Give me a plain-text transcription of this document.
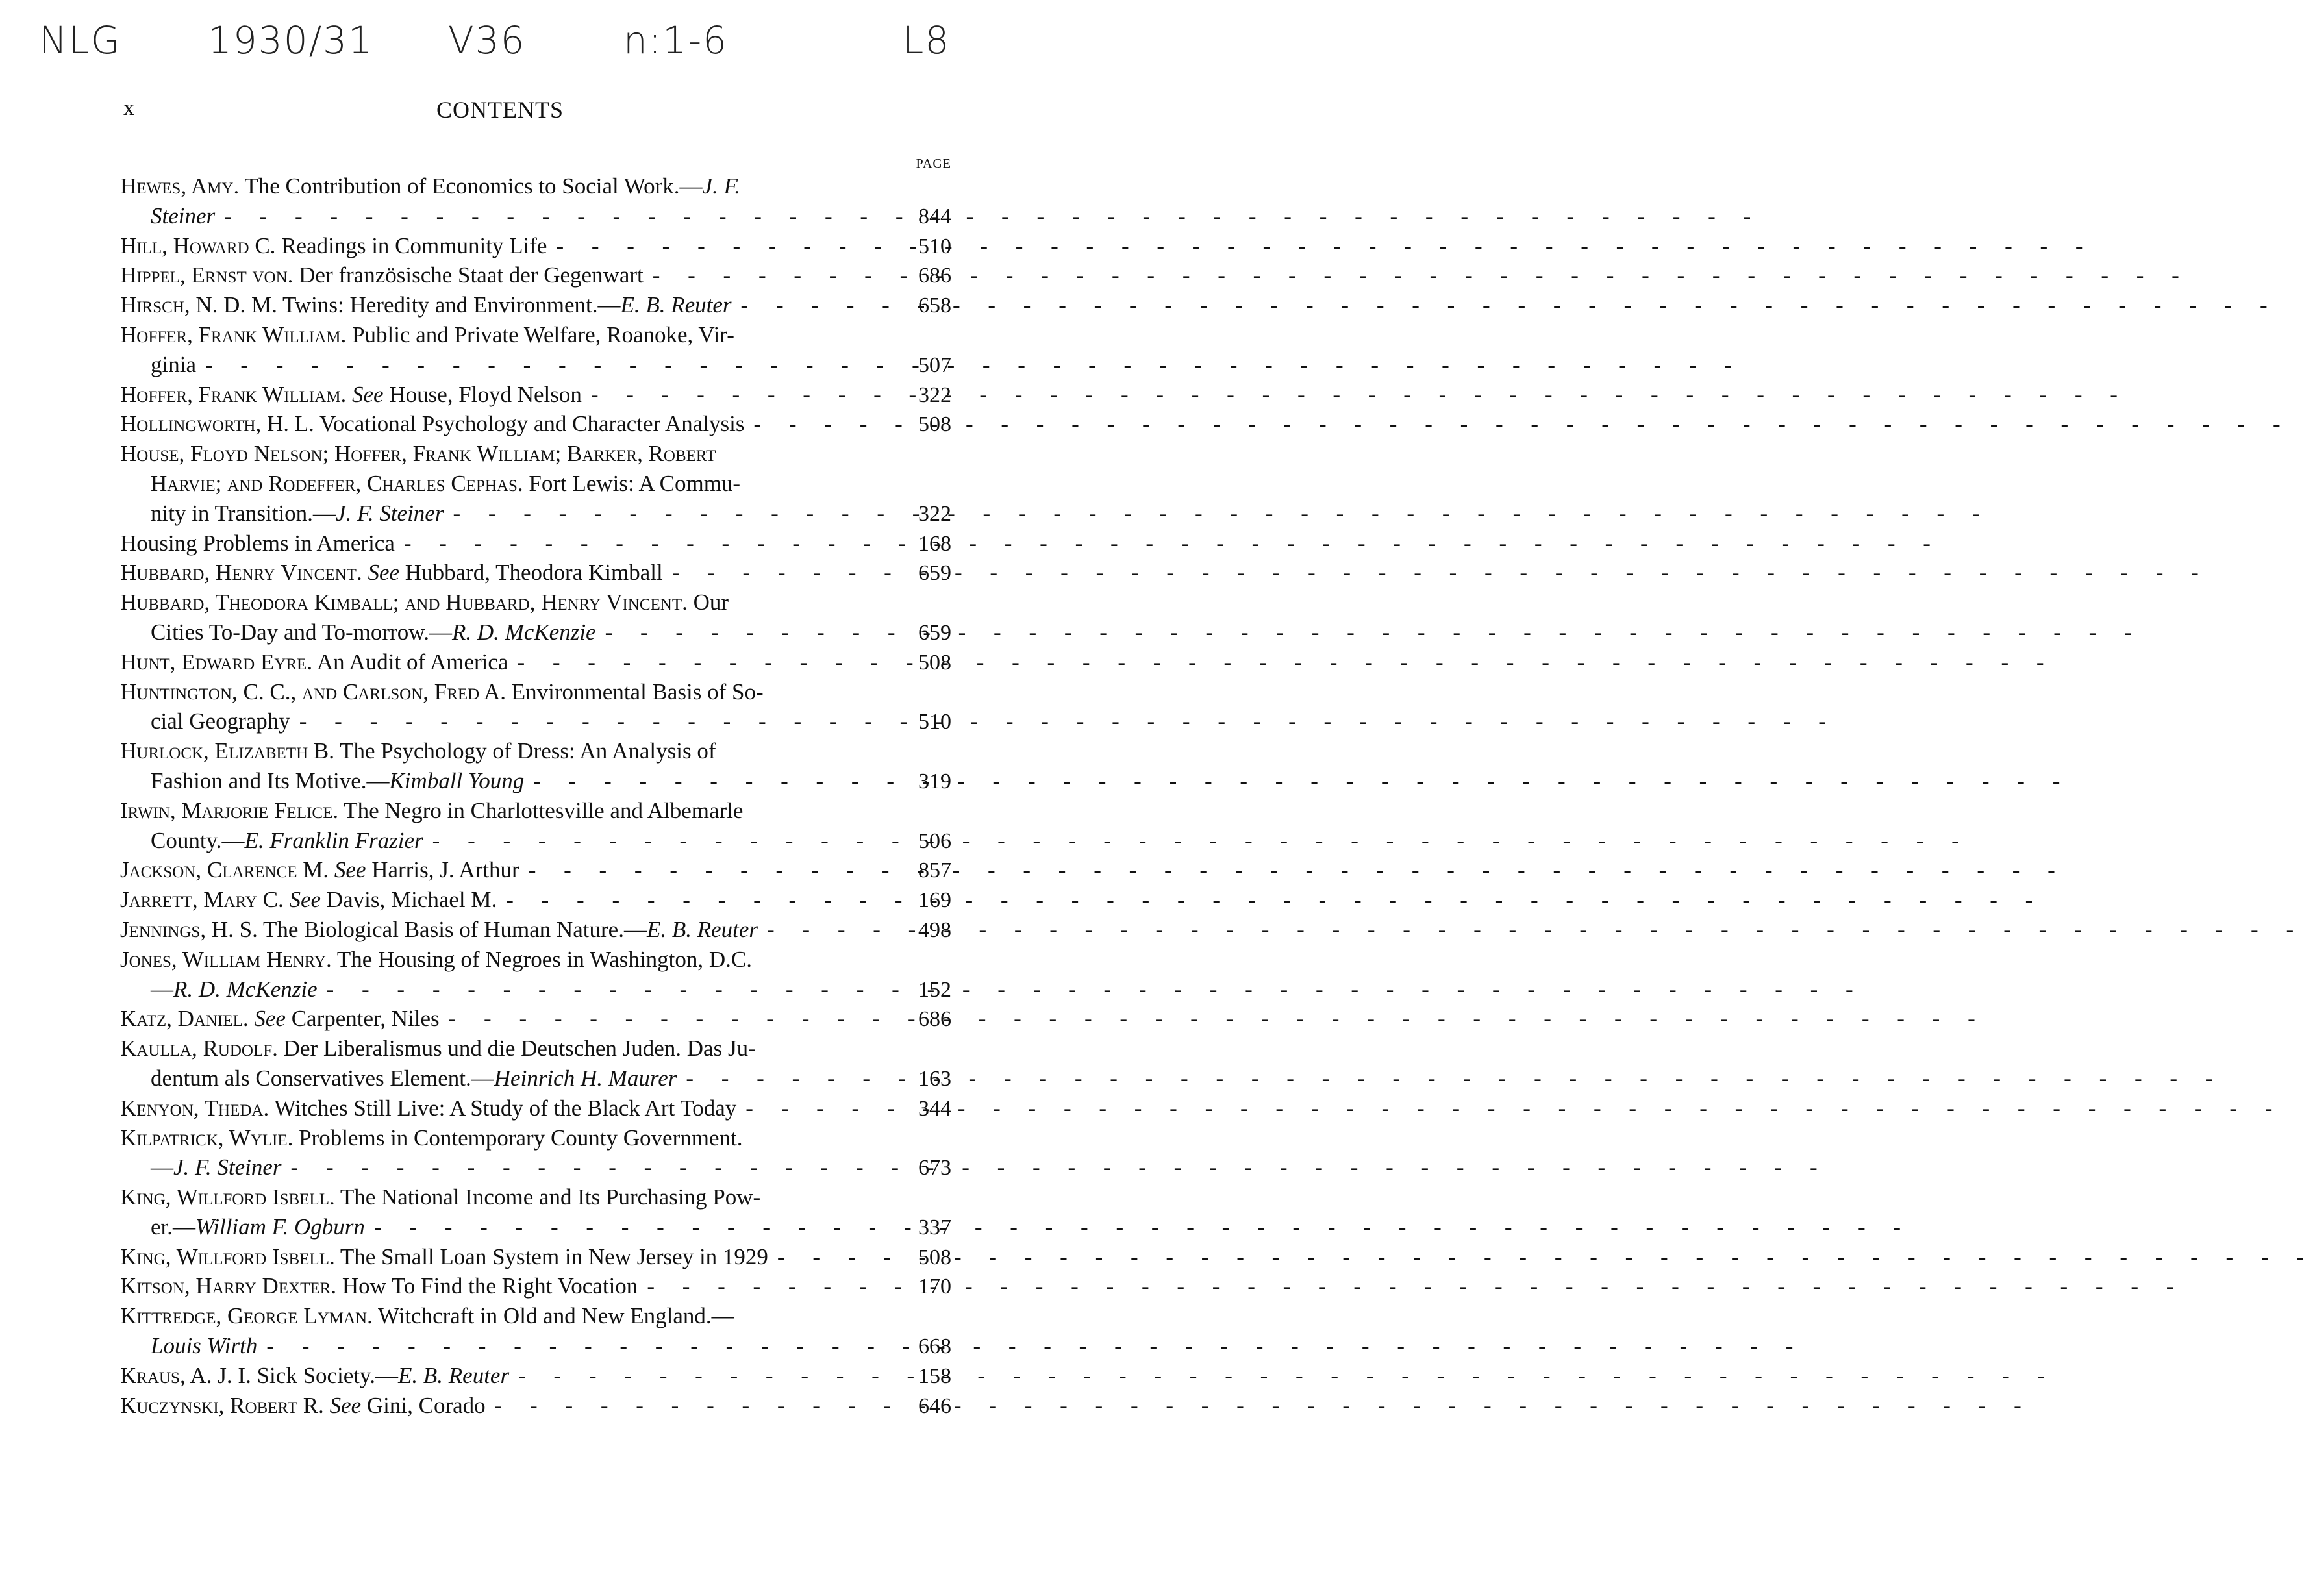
NLG 1930/31 V36	n:1-6	L8
x	CONTENTS
PAGE
Hewes, Amy. The Contribution of Economics to Social Work.—J. F.
Steiner - - -	844
Hill, Howard C. Readings in Community Life - - -	510
Hippel, Ernst von. Der französische Staat der Gegenwart - - -	686
Hirsch, N. D. M. Twins: Heredity and Environment.—E. B. Reuter - - -	658
Hoffer, Frank William. Public and Private Welfare, Roanoke, Vir-
ginia - - -	507
Hoffer, Frank William. See House, Floyd Nelson - - -	322
Hollingworth, H. L. Vocational Psychology and Character Analysis - - -	508
House, Floyd Nelson; Hoffer, Frank William; Barker, Robert
Harvie; and Rodeffer, Charles Cephas. Fort Lewis: A Commu-
nity in Transition.—J. F. Steiner - - -	322
Housing Problems in America - - -	168
Hubbard, Henry Vincent. See Hubbard, Theodora Kimball - - -	659
Hubbard, Theodora Kimball; and Hubbard, Henry Vincent. Our
Cities To-Day and To-morrow.—R. D. McKenzie - - -	659
Hunt, Edward Eyre. An Audit of America - - -	508
Huntington, C. C., and Carlson, Fred A. Environmental Basis of So-
cial Geography - - -	510
Hurlock, Elizabeth B. The Psychology of Dress: An Analysis of
Fashion and Its Motive.—Kimball Young - - -	319
Irwin, Marjorie Felice. The Negro in Charlottesville and Albemarle
County.—E. Franklin Frazier - - -	506
Jackson, Clarence M. See Harris, J. Arthur - - -	857
Jarrett, Mary C. See Davis, Michael M. - - -	169
Jennings, H. S. The Biological Basis of Human Nature.—E. B. Reuter - - -	498
Jones, William Henry. The Housing of Negroes in Washington, D.C.
—R. D. McKenzie - - -	152
Katz, Daniel. See Carpenter, Niles - - -	686
Kaulla, Rudolf. Der Liberalismus und die Deutschen Juden. Das Ju-
dentum als Conservatives Element.—Heinrich H. Maurer - - -	163
Kenyon, Theda. Witches Still Live: A Study of the Black Art Today - - -	344
Kilpatrick, Wylie. Problems in Contemporary County Government.
—J. F. Steiner - - -	673
King, Willford Isbell. The National Income and Its Purchasing Pow-
er.—William F. Ogburn - - -	337
King, Willford Isbell. The Small Loan System in New Jersey in 1929 - - -	508
Kitson, Harry Dexter. How To Find the Right Vocation - - -	170
Kittredge, George Lyman. Witchcraft in Old and New England.—
Louis Wirth - - -	668
Kraus, A. J. I. Sick Society.—E. B. Reuter - - -	158
Kuczynski, Robert R. See Gini, Corado - - -	646
